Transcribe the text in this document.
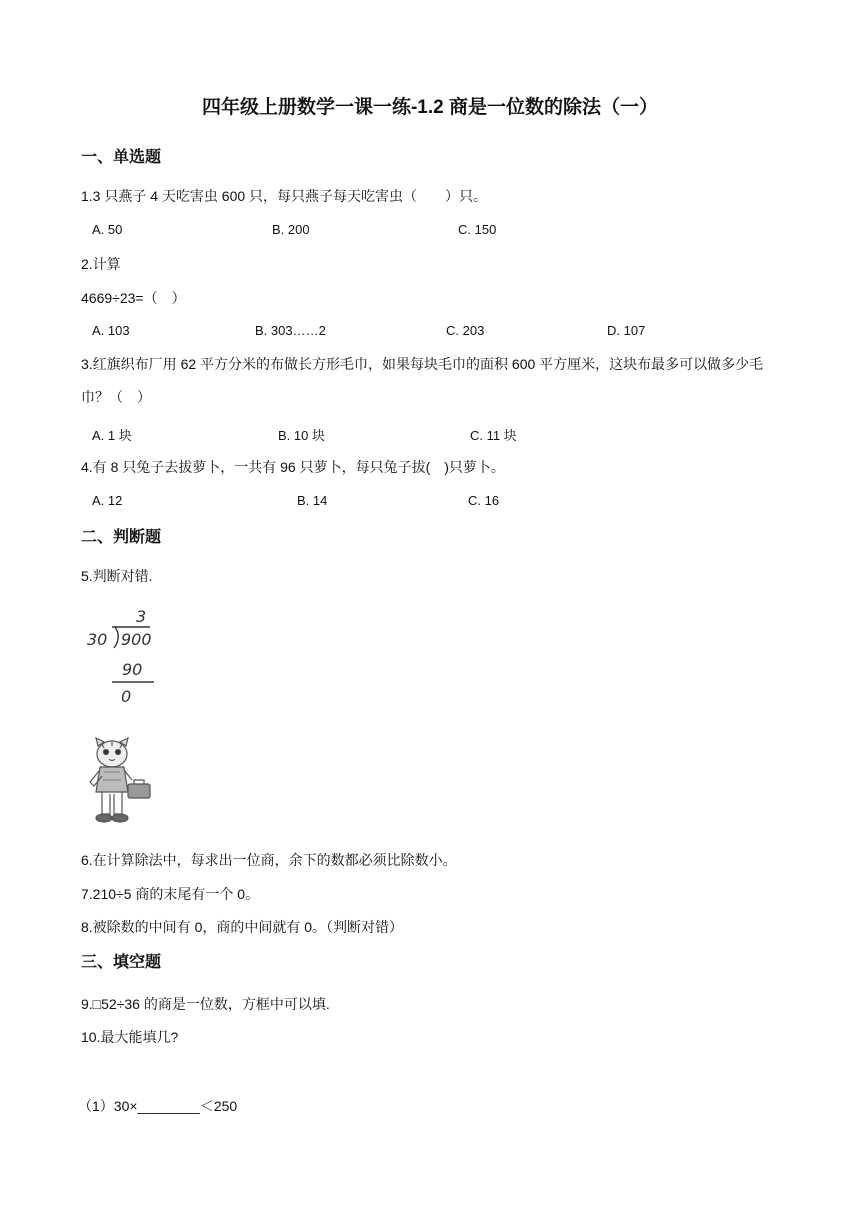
四年级上册数学一课一练-1.2 商是一位数的除法（一）
一、单选题
1.3 只燕子 4 天吃害虫 600 只，每只燕子每天吃害虫（　　）只。
A. 50	B. 200	C. 150
2.计算
4669÷23=（　）
A. 103	B. 303……2	C. 203	D. 107
3.红旗织布厂用 62 平方分米的布做长方形毛巾，如果每块毛巾的面积 600 平方厘米，这块布最多可以做多少毛巾？（　）
A. 1 块	B. 10 块	C. 11 块
4.有 8 只兔子去拔萝卜，一共有 96 只萝卜，每只兔子拔(　)只萝卜。
A. 12	B. 14	C. 16
二、判断题
5.判断对错.
3
30 900
90
0
6.在计算除法中，每求出一位商，余下的数都必须比除数小。
7.210÷5 商的末尾有一个 0。
8.被除数的中间有 0，商的中间就有 0。（判断对错）
三、填空题
9.□52÷36 的商是一位数，方框中可以填.
10.最大能填几?
（1）30×________＜250
